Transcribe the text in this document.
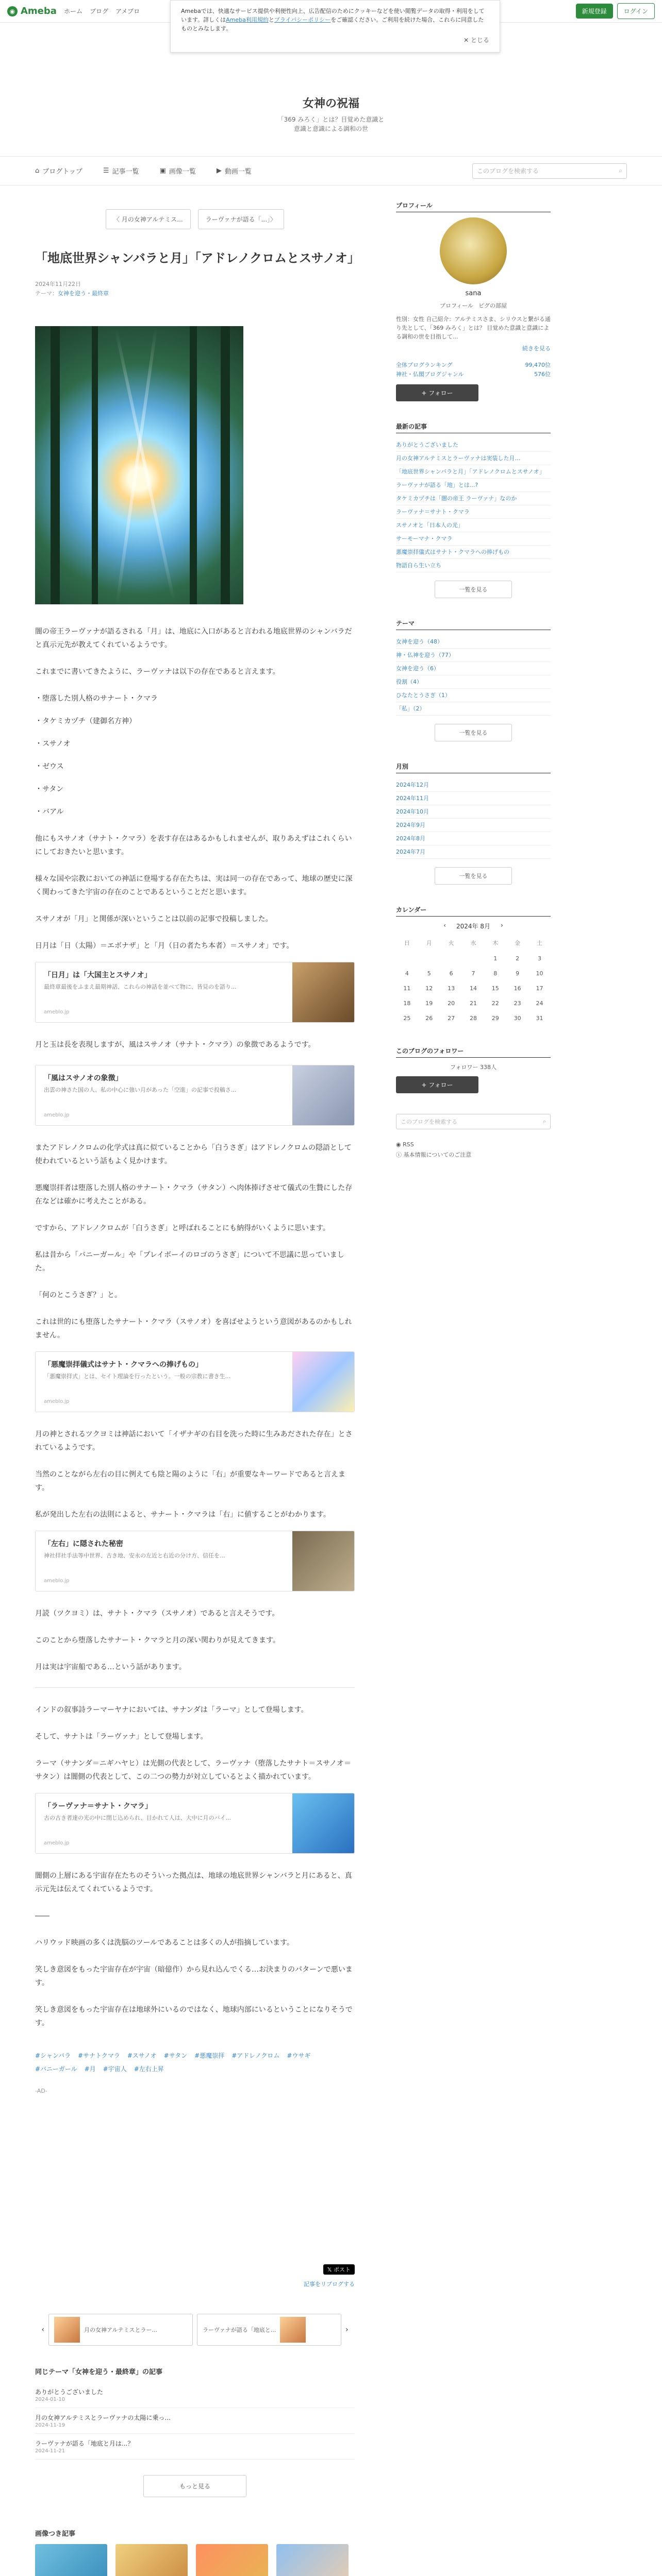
◉ Ameba ホーム ブログ アメブロ	新規登録	ログイン
Amebaでは、快適なサービス提供や利便性向上、広告配信のためにクッキーなどを使い閲覧データの取得・利用をしています。詳しくはAmeba利用規約とプライバシーポリシーをご確認ください。ご利用を続けた場合、これらに同意したものとみなします。
✕ とじる
女神の祝福
「369 みろく」とは？目覚めた意識と
意識と意識による調和の世
⌂ ブログトップ	☰ 記事一覧	▣ 画像一覧	▶ 動画一覧	このブログを検索する	⌕
〈 月の女神アルテミス...	ラーヴァナが語る「...」〉
「地底世界シャンバラと月」「アドレノクロムとスサノオ」
2024年11月22日
テーマ：女神を迎う・最終章

闇の帝王ラーヴァナが語るされる「月」は、地底に入口があると言われる地底世界のシャンバラだと真示元先が教えてくれているようです。

これまでに書いてきたように、ラーヴァナは以下の存在であると言えます。

・堕落した別人格のサナート・クマラ

・タケミカヅチ（建御名方神）

・スサノオ

・ゼウス

・サタン

・バアル

他にもスサノオ（サナト・クマラ）を表す存在はあるかもしれませんが、取りあえずはこれくらいにしておきたいと思います。

様々な国や宗教においての神話に登場する存在たちは、実は同一の存在であって、地球の歴史に深く関わってきた宇宙の存在のことであるということだと思います。

スサノオが「月」と関係が深いということは以前の記事で投稿しました。

日月は「日（太陽）＝エボナザ」と「月（日の者たち本者）＝スサノオ」です。

「日月」は「大国主とスサノオ」
最終章最後をふまえ最期神話、これらの神話を並べて物に、皆見のを語り...
ameblo.jp

月と玉は長を表現しますが、風はスサノオ（サナト・クマラ）の象徴であるようです。

「風はスサノオの象徴」
出雲の神さた国の人、私の中心に強い月があった「空進」の記事で投稿さ...
ameblo.jp

またアドレノクロムの化学式は真に似ていることから「白うさぎ」はアドレノクロムの隠語として使われているという話もよく見かけます。

悪魔崇拝者は堕落した別人格のサナート・クマラ（サタン）へ肉体捧げさせて儀式の生贄にした存在などは確かに考えたことがある。

ですから、アドレノクロムが「白うさぎ」と呼ばれることにも納得がいくように思います。

私は昔から「バニーガール」や「プレイボーイのロゴのうさぎ」について不思議に思っていました。

「何のとこうさぎ？」と。

これは世的にも堕落したサナート・クマラ（スサノオ）を喜ばせようという意図があるのかもしれません。

「悪魔崇拝儀式はサナト・クマラへの捧げもの」
「悪魔崇拝式」とは、セイト理論を行ったという。一般の宗教に書き生...
ameblo.jp

月の神とされるツクヨミは神話において「イザナギの右目を洗った時に生みあだされた存在」とされているようです。

当然のことながら左右の目に例えても陰と陽のように「右」が重要なキーワードであると言えます。

私が発出した左右の法則によると、サナート・クマラは「右」に値することがわかります。

「左右」に隠された秘密
神社拝社手法等中世界、古き地、安永の左近と右近の分け方、信任を...
ameblo.jp

月読（ツクヨミ）は、サナト・クマラ（スサノオ）であると言えそうです。

このことから堕落したサナート・クマラと月の深い関わりが見えてきます。

月は実は宇宙船である…という話があります。

インドの叙事詩ラーマーヤナにおいては、サナンダは「ラーマ」として登場します。

そして、サナトは「ラーヴァナ」として登場します。

ラーマ（サナンダ＝ニギハヤヒ）は光側の代表として、ラーヴァナ（堕落したサナト＝スサノオ＝サタン）は闇側の代表として、この二つの勢力が対立しているとよく描かれています。

「ラーヴァナ＝サナト・クマラ」
古の古き者達の光の中に閉じ込められ、目かれて人は、大中に月のバイ...
ameblo.jp

闇側の上層にある宇宙存在たちのそういった拠点は、地球の地底世界シャンバラと月にあると、真示元先は伝えてくれているようです。

――

ハリウッド映画の多くは洗脳のツールであることは多くの人が指摘しています。

笑しき意図をもった宇宙存在が宇宙（暗億作）から見れ込んでくる…お決まりのパターンで悪います。

笑しき意図をもった宇宙存在は地球外にいるのではなく、地球内部にいるということになりそうです。

#シャンバラ #サナトクマラ #スサノオ #サタン #悪魔崇拝 #アドレノクロム #ウサギ
#バニーガール #月 #宇宙人 #左右上昇
-AD-
𝕏 ポスト
記事をリブログする
‹	月の女神アルテミスとラー...	ラーヴァナが語る「地底と...	›
同じテーマ「女神を迎う・最終章」の記事
ありがとうございました
2024-01-10
月の女神アルテミスとラーヴァナの太陽に乗っ...
2024-11-19
ラーヴァナが語る「地底と月は...？
2024-11-21
もっと見る
画像つき記事
プロフィール
sana
プロフィール ピグの部屋
性別：女性 自己紹介：アルテミスさま、シリウスと繋がる通り先として、「369 みろく」とは？ 目覚めた意識と意識による調和の世を目指して...
続きを見る
全体ブログランキング	99,470位
神社・仏閣ブログジャンル	576位
+ フォロー
最新の記事
ありがとうございました
月の女神アルテミスとラーヴァナは実装した月…
「地底世界シャンバラと月」「アドレノクロムとスサノオ」
ラーヴァナが語る「地」とは...?
タケミカヅチは「闇の帝王 ラーヴァナ」なのか
ラーヴァナ＝サナト・クマラ
スサノオと「日本人の光」
サーモーマナ・クマラ
悪魔崇拝儀式はサナト・クマラへの捧げもの
物語自ら生い立ち
一覧を見る
テーマ
女神を迎う（48）
神・仏神を迎う（77）
女神を迎う（6）
役割（4）
ひなたとうさぎ（1）
「私」（2）
一覧を見る
月別
2024年12月
2024年11月
2024年10月
2024年9月
2024年8月
2024年7月
一覧を見る
カレンダー
‹ 2024年 8月 ›
日	月	火	水	木	金	土
				1	2	3
4	5	6	7	8	9	10
11	12	13	14	15	16	17
18	19	20	21	22	23	24
25	26	27	28	29	30	31
このブログのフォロワー
フォロワー 338人
+ フォロー
このブログを検索する	⌕
◉ RSS
ⓘ 基本情報についてのご注意
